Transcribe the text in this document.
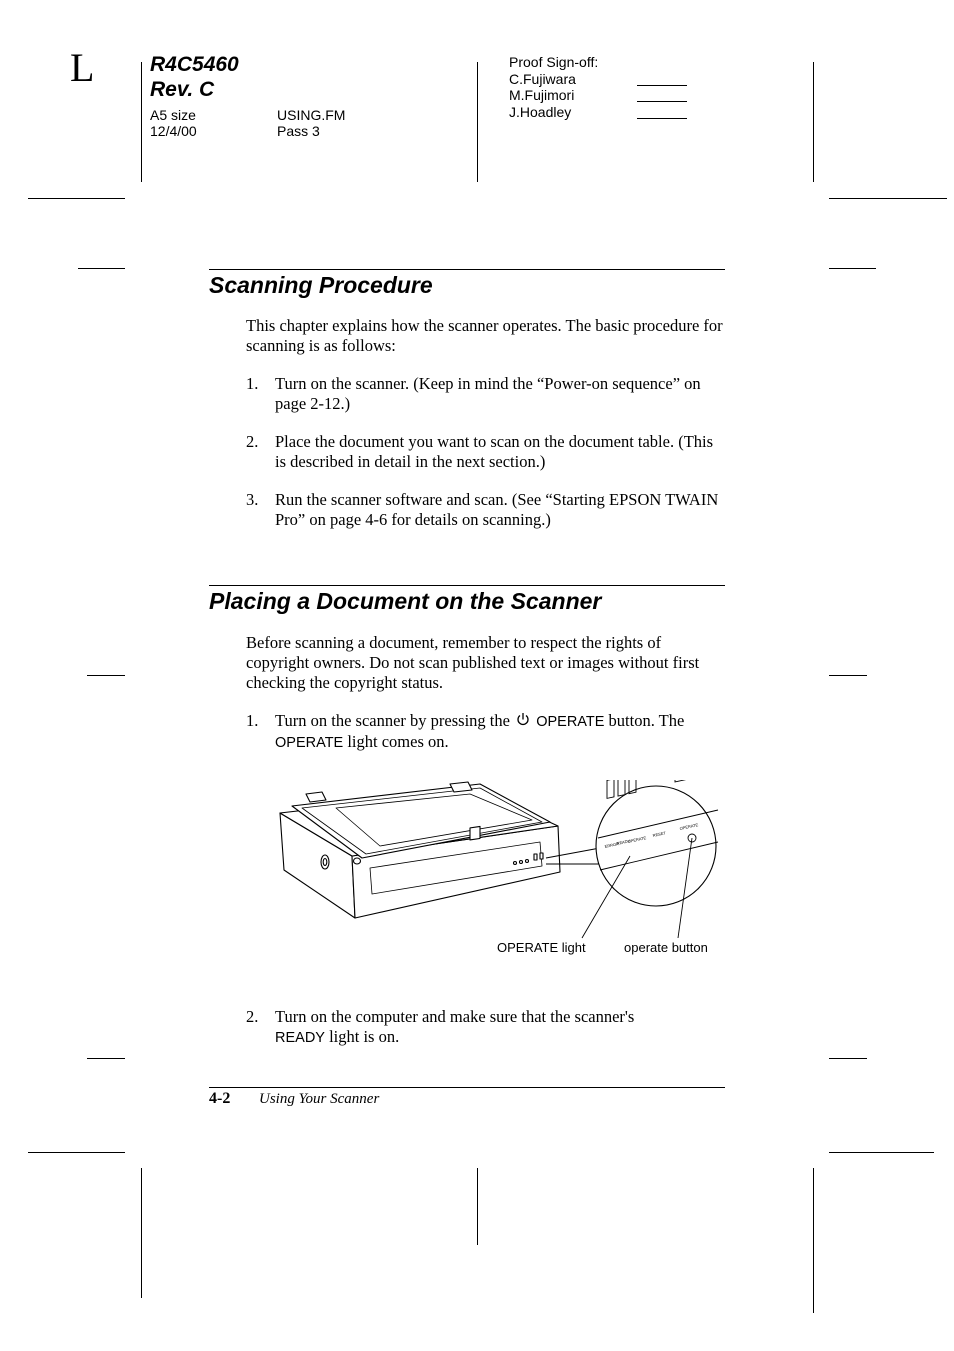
L	R4C5460
Rev. C
A5 size
12/4/00
USING.FM
Pass 3
Proof Sign-off:
C.Fujiwara
M.Fujimori
J.Hoadley
Scanning Procedure
This chapter explains how the scanner operates. The basic procedure for scanning is as follows:
1. Turn on the scanner. (Keep in mind the “Power-on sequence” on page 2-12.)
2. Place the document you want to scan on the document table. (This is described in detail in the next section.)
3. Run the scanner software and scan. (See “Starting EPSON TWAIN Pro” on page 4-6 for details on scanning.)
Placing a Document on the Scanner
Before scanning a document, remember to respect the rights of copyright owners. Do not scan published text or images without first checking the copyright status.
1. Turn on the scanner by pressing the OPERATE button. The
OPERATE light comes on.
ERROR
READY
OPERATE
RESET
OPERATE
OPERATE light	operate button
2. Turn on the computer and make sure that the scanner's
READY light is on.
4-2 Using Your Scanner
